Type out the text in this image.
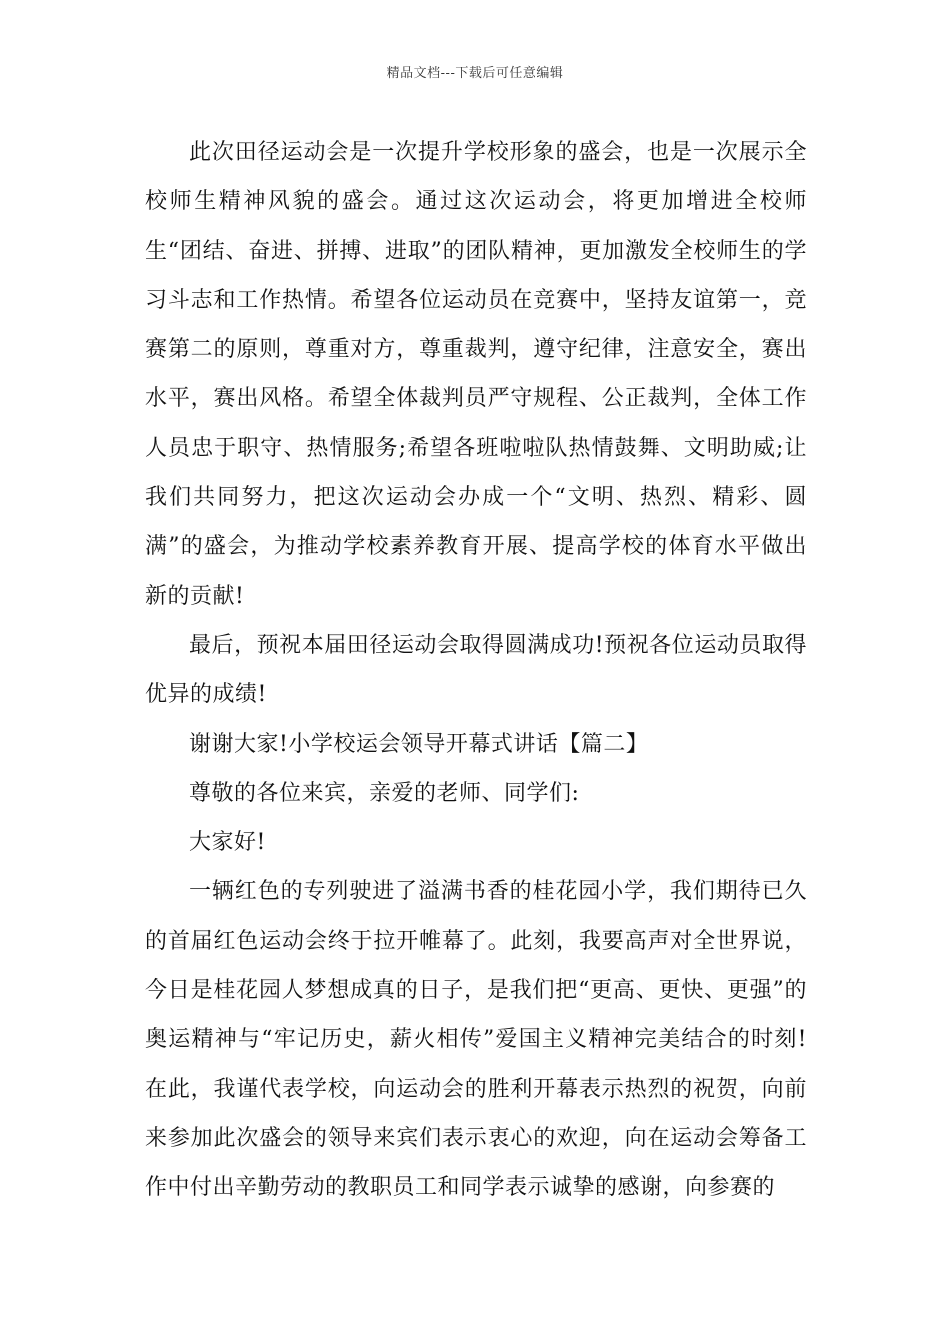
精品文档---下载后可任意编辑

此次田径运动会是一次提升学校形象的盛会，也是一次展示全校师生精神风貌的盛会。通过这次运动会，将更加增进全校师生“团结、奋进、拼搏、进取”的团队精神，更加激发全校师生的学习斗志和工作热情。希望各位运动员在竞赛中，坚持友谊第一，竞赛第二的原则，尊重对方，尊重裁判，遵守纪律，注意安全，赛出水平，赛出风格。希望全体裁判员严守规程、公正裁判，全体工作人员忠于职守、热情服务;希望各班啦啦队热情鼓舞、文明助威;让我们共同努力，把这次运动会办成一个“文明、热烈、精彩、圆满”的盛会，为推动学校素养教育开展、提高学校的体育水平做出新的贡献!

最后，预祝本届田径运动会取得圆满成功!预祝各位运动员取得优异的成绩!

谢谢大家!小学校运会领导开幕式讲话【篇二】

尊敬的各位来宾，亲爱的老师、同学们:

大家好!

一辆红色的专列驶进了溢满书香的桂花园小学，我们期待已久的首届红色运动会终于拉开帷幕了。此刻，我要高声对全世界说，今日是桂花园人梦想成真的日子，是我们把“更高、更快、更强”的奥运精神与“牢记历史，薪火相传”爱国主义精神完美结合的时刻!在此，我谨代表学校，向运动会的胜利开幕表示热烈的祝贺，向前来参加此次盛会的领导来宾们表示衷心的欢迎，向在运动会筹备工作中付出辛勤劳动的教职员工和同学表示诚挚的感谢，向参赛的
